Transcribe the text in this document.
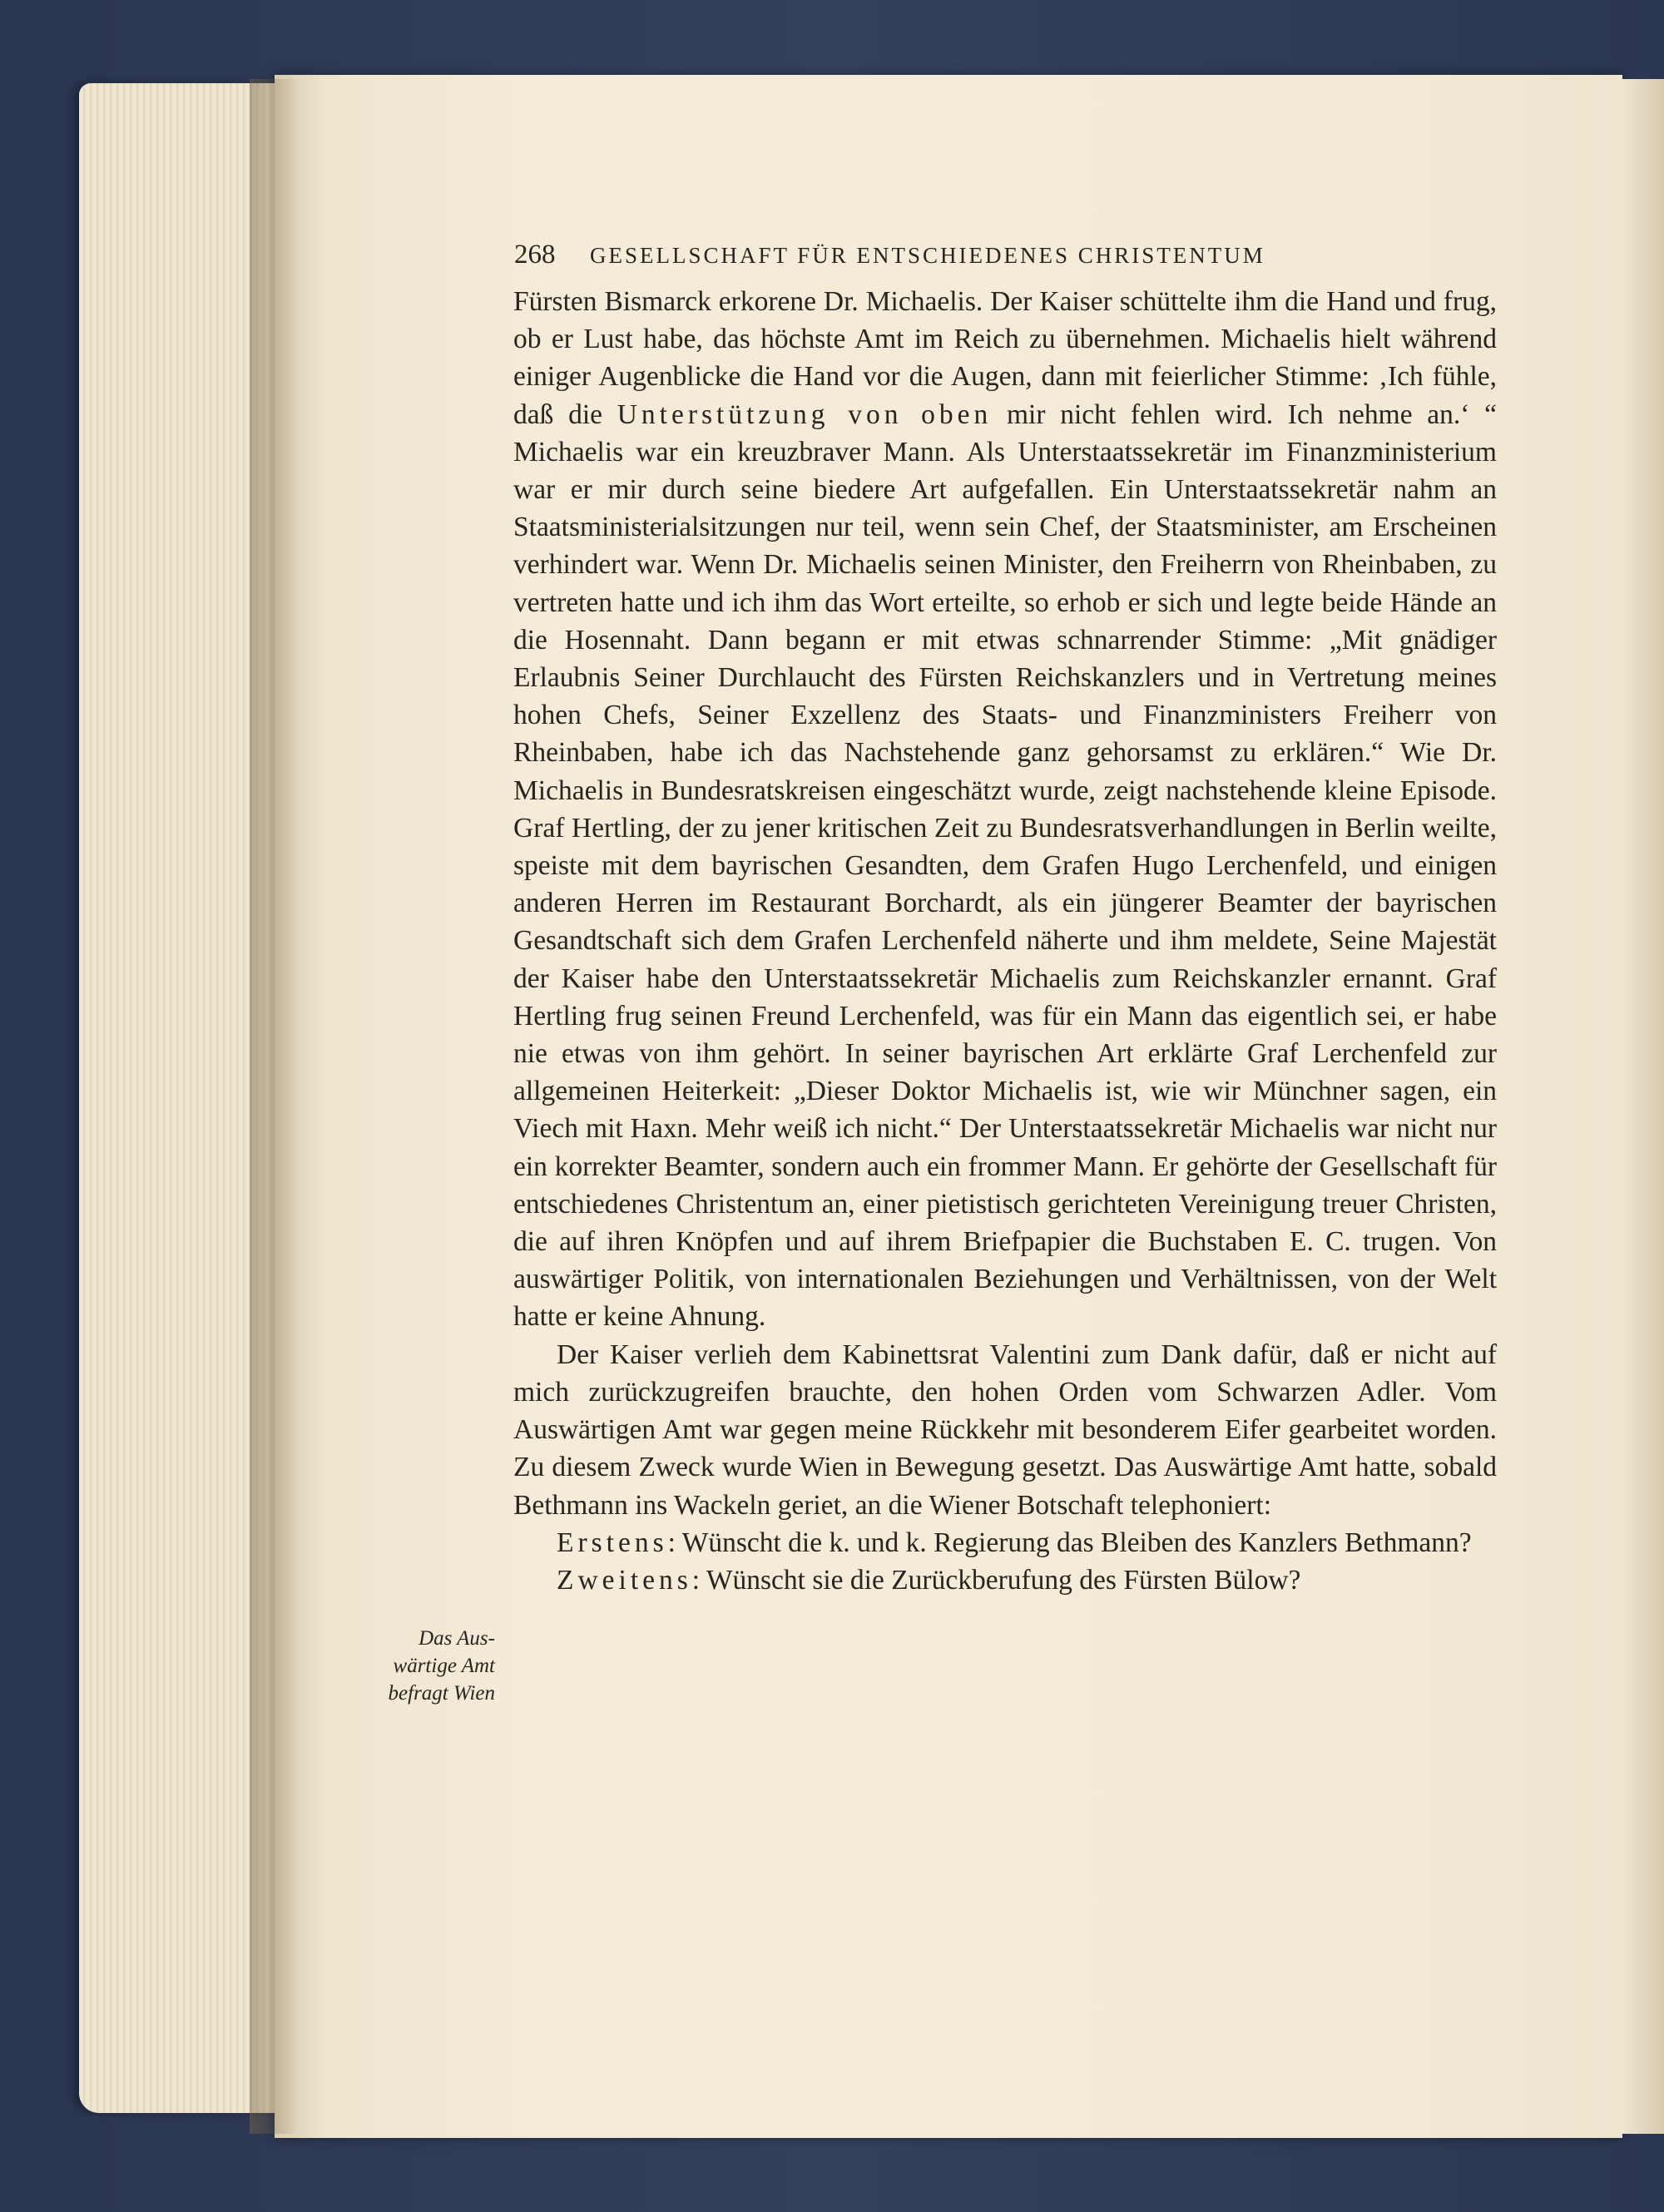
268 GESELLSCHAFT FÜR ENTSCHIEDENES CHRISTENTUM
Das Aus-
wärtige Amt
befragt Wien

Fürsten Bismarck erkorene Dr. Michaelis. Der Kaiser schüttelte ihm die Hand und frug, ob er Lust habe, das höchste Amt im Reich zu übernehmen. Michaelis hielt während einiger Augenblicke die Hand vor die Augen, dann mit feierlicher Stimme: ‚Ich fühle, daß die Unterstützung von oben mir nicht fehlen wird. Ich nehme an.‘ “ Michaelis war ein kreuzbraver Mann. Als Unterstaatssekretär im Finanzministerium war er mir durch seine biedere Art aufgefallen. Ein Unterstaatssekretär nahm an Staatsministerialsitzungen nur teil, wenn sein Chef, der Staatsminister, am Erscheinen verhindert war. Wenn Dr. Michaelis seinen Minister, den Freiherrn von Rheinbaben, zu vertreten hatte und ich ihm das Wort erteilte, so erhob er sich und legte beide Hände an die Hosennaht. Dann begann er mit etwas schnarrender Stimme: „Mit gnädiger Erlaubnis Seiner Durchlaucht des Fürsten Reichskanzlers und in Vertretung meines hohen Chefs, Seiner Exzellenz des Staats- und Finanzministers Freiherr von Rheinbaben, habe ich das Nachstehende ganz gehorsamst zu erklären.“ Wie Dr. Michaelis in Bundesratskreisen eingeschätzt wurde, zeigt nachstehende kleine Episode. Graf Hertling, der zu jener kritischen Zeit zu Bundesratsverhandlungen in Berlin weilte, speiste mit dem bayrischen Gesandten, dem Grafen Hugo Lerchenfeld, und einigen anderen Herren im Restaurant Borchardt, als ein jüngerer Beamter der bayrischen Gesandtschaft sich dem Grafen Lerchenfeld näherte und ihm meldete, Seine Majestät der Kaiser habe den Unterstaatssekretär Michaelis zum Reichskanzler ernannt. Graf Hertling frug seinen Freund Lerchenfeld, was für ein Mann das eigentlich sei, er habe nie etwas von ihm gehört. In seiner bayrischen Art erklärte Graf Lerchenfeld zur allgemeinen Heiterkeit: „Dieser Doktor Michaelis ist, wie wir Münchner sagen, ein Viech mit Haxn. Mehr weiß ich nicht.“ Der Unterstaatssekretär Michaelis war nicht nur ein korrekter Beamter, sondern auch ein frommer Mann. Er gehörte der Gesellschaft für entschiedenes Christentum an, einer pietistisch gerichteten Vereinigung treuer Christen, die auf ihren Knöpfen und auf ihrem Briefpapier die Buchstaben E. C. trugen. Von auswärtiger Politik, von internationalen Beziehungen und Verhältnissen, von der Welt hatte er keine Ahnung.

Der Kaiser verlieh dem Kabinettsrat Valentini zum Dank dafür, daß er nicht auf mich zurückzugreifen brauchte, den hohen Orden vom Schwarzen Adler. Vom Auswärtigen Amt war gegen meine Rückkehr mit besonderem Eifer gearbeitet worden. Zu diesem Zweck wurde Wien in Bewegung gesetzt. Das Auswärtige Amt hatte, sobald Bethmann ins Wackeln geriet, an die Wiener Botschaft telephoniert:

Erstens: Wünscht die k. und k. Regierung das Bleiben des Kanzlers Bethmann?

Zweitens: Wünscht sie die Zurückberufung des Fürsten Bülow?
